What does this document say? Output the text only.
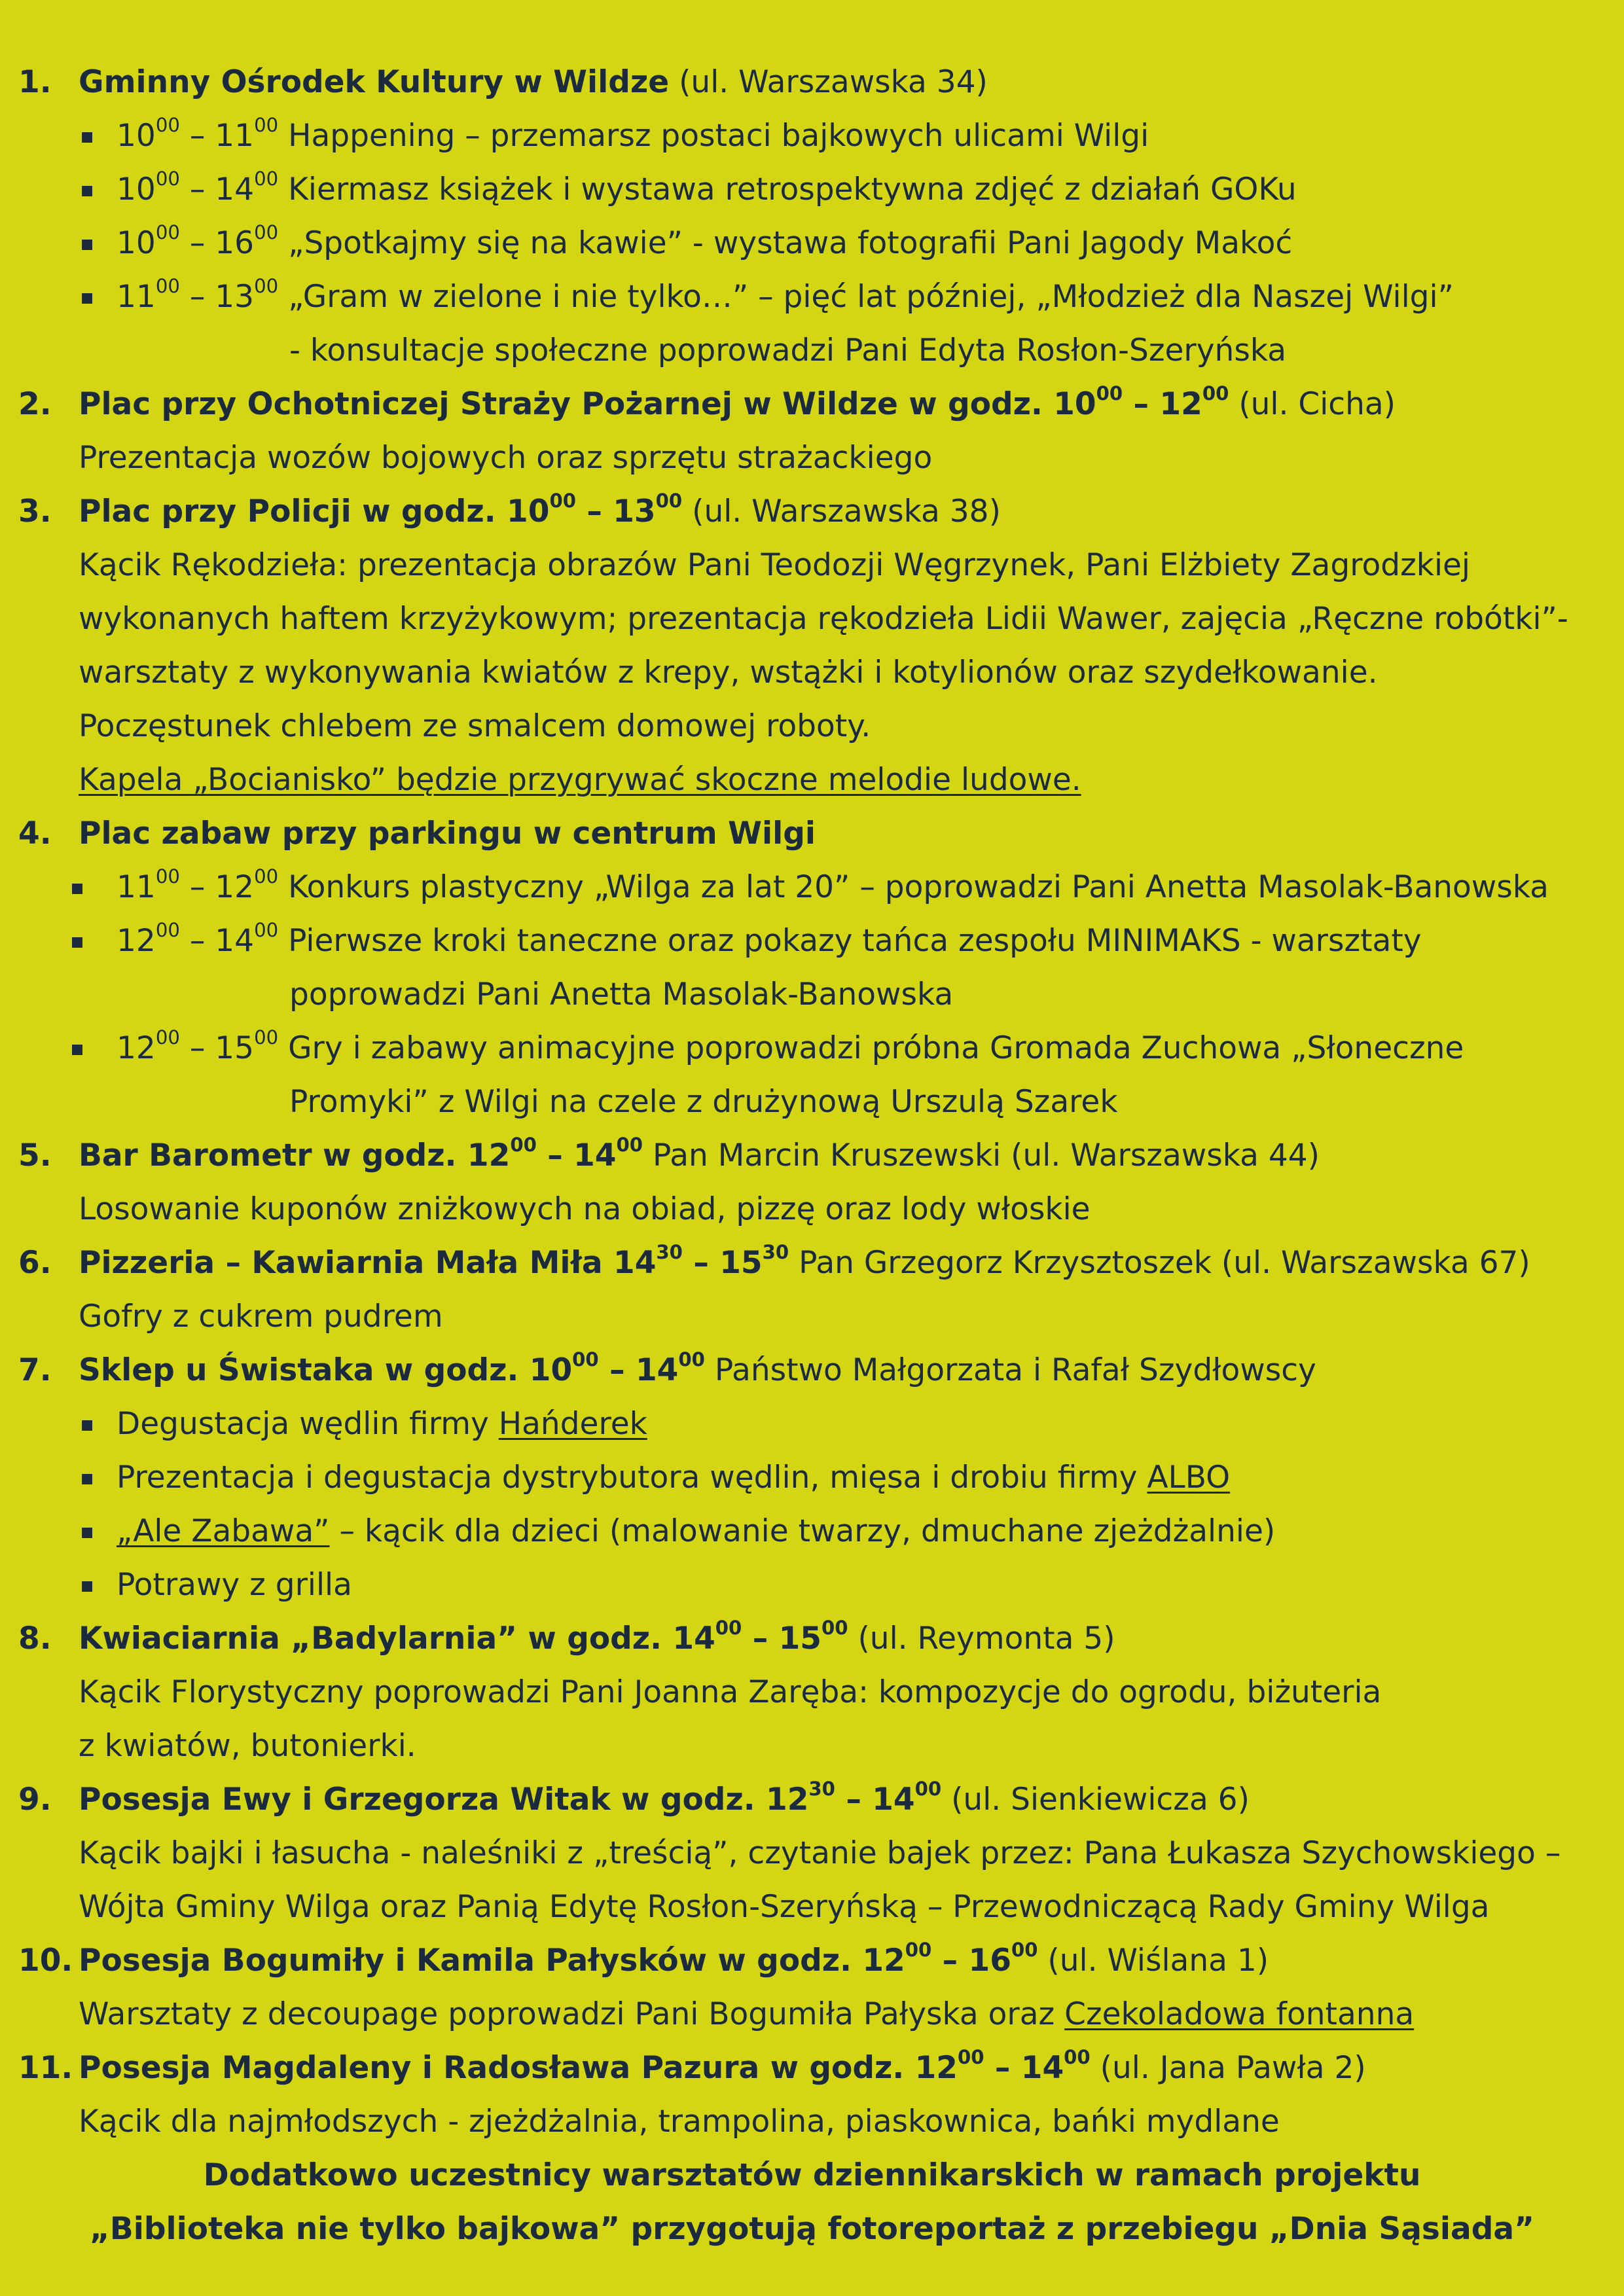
1. Gminny Ośrodek Kultury w Wildze (ul. Warszawska 34)
$10^{00} - 11^{00}$ Happening – przemarsz postaci bajkowych ulicami Wilgi
$10^{00} - 14^{00}$ Kiermasz książek i wystawa retrospektywna zdjęć z działań GOKu
$10^{00} - 16^{00}$ „Spotkajmy się na kawie” - wystawa fotografii Pani Jagody Makoć
$11^{00} - 13^{00}$ „Gram w zielone i nie tylko…” – pięć lat później, „Młodzież dla Naszej Wilgi”
- konsultacje społeczne poprowadzi Pani Edyta Rosłon-Szeryńska
2. Plac przy Ochotniczej Straży Pożarnej w Wildze w godz. $10^{00} - 12^{00}$ (ul. Cicha)
Prezentacja wozów bojowych oraz sprzętu strażackiego
3. Plac przy Policji w godz. $10^{00} - 13^{00}$ (ul. Warszawska 38)
Kącik Rękodzieła: prezentacja obrazów Pani Teodozji Węgrzynek, Pani Elżbiety Zagrodzkiej
wykonanych haftem krzyżykowym; prezentacja rękodzieła Lidii Wawer, zajęcia „Ręczne robótki”-
warsztaty z wykonywania kwiatów z krepy, wstążki i kotylionów oraz szydełkowanie.
Poczęstunek chlebem ze smalcem domowej roboty.
Kapela „Bocianisko” będzie przygrywać skoczne melodie ludowe.
4. Plac zabaw przy parkingu w centrum Wilgi
$11^{00} - 12^{00}$ Konkurs plastyczny „Wilga za lat 20” – poprowadzi Pani Anetta Masolak-Banowska
$12^{00} - 14^{00}$ Pierwsze kroki taneczne oraz pokazy tańca zespołu MINIMAKS - warsztaty
poprowadzi Pani Anetta Masolak-Banowska
$12^{00} - 15^{00}$ Gry i zabawy animacyjne poprowadzi próbna Gromada Zuchowa „Słoneczne
Promyki” z Wilgi na czele z drużynową Urszulą Szarek
5. Bar Barometr w godz. $12^{00} - 14^{00}$ Pan Marcin Kruszewski (ul. Warszawska 44)
Losowanie kuponów zniżkowych na obiad, pizzę oraz lody włoskie
6. Pizzeria – Kawiarnia Mała Miła $14^{30} - 15^{30}$ Pan Grzegorz Krzysztoszek (ul. Warszawska 67)
Gofry z cukrem pudrem
7. Sklep u Świstaka w godz. $10^{00} - 14^{00}$ Państwo Małgorzata i Rafał Szydłowscy
Degustacja wędlin firmy Hańderek
Prezentacja i degustacja dystrybutora wędlin, mięsa i drobiu firmy ALBO
„Ale Zabawa” – kącik dla dzieci (malowanie twarzy, dmuchane zjeżdżalnie)
Potrawy z grilla
8. Kwiaciarnia „Badylarnia” w godz. $14^{00} - 15^{00}$ (ul. Reymonta 5)
Kącik Florystyczny poprowadzi Pani Joanna Zaręba: kompozycje do ogrodu, biżuteria
z kwiatów, butonierki.
9. Posesja Ewy i Grzegorza Witak w godz. $12^{30} - 14^{00}$ (ul. Sienkiewicza 6)
Kącik bajki i łasucha - naleśniki z „treścią”, czytanie bajek przez: Pana Łukasza Szychowskiego –
Wójta Gminy Wilga oraz Panią Edytę Rosłon-Szeryńską – Przewodniczącą Rady Gminy Wilga
10. Posesja Bogumiły i Kamila Pałysków w godz. $12^{00} - 16^{00}$ (ul. Wiślana 1)
Warsztaty z decoupage poprowadzi Pani Bogumiła Pałyska oraz Czekoladowa fontanna
11. Posesja Magdaleny i Radosława Pazura w godz. $12^{00} - 14^{00}$ (ul. Jana Pawła 2)
Kącik dla najmłodszych - zjeżdżalnia, trampolina, piaskownica, bańki mydlane
Dodatkowo uczestnicy warsztatów dziennikarskich w ramach projektu
„Biblioteka nie tylko bajkowa” przygotują fotoreportaż z przebiegu „Dnia Sąsiada”
